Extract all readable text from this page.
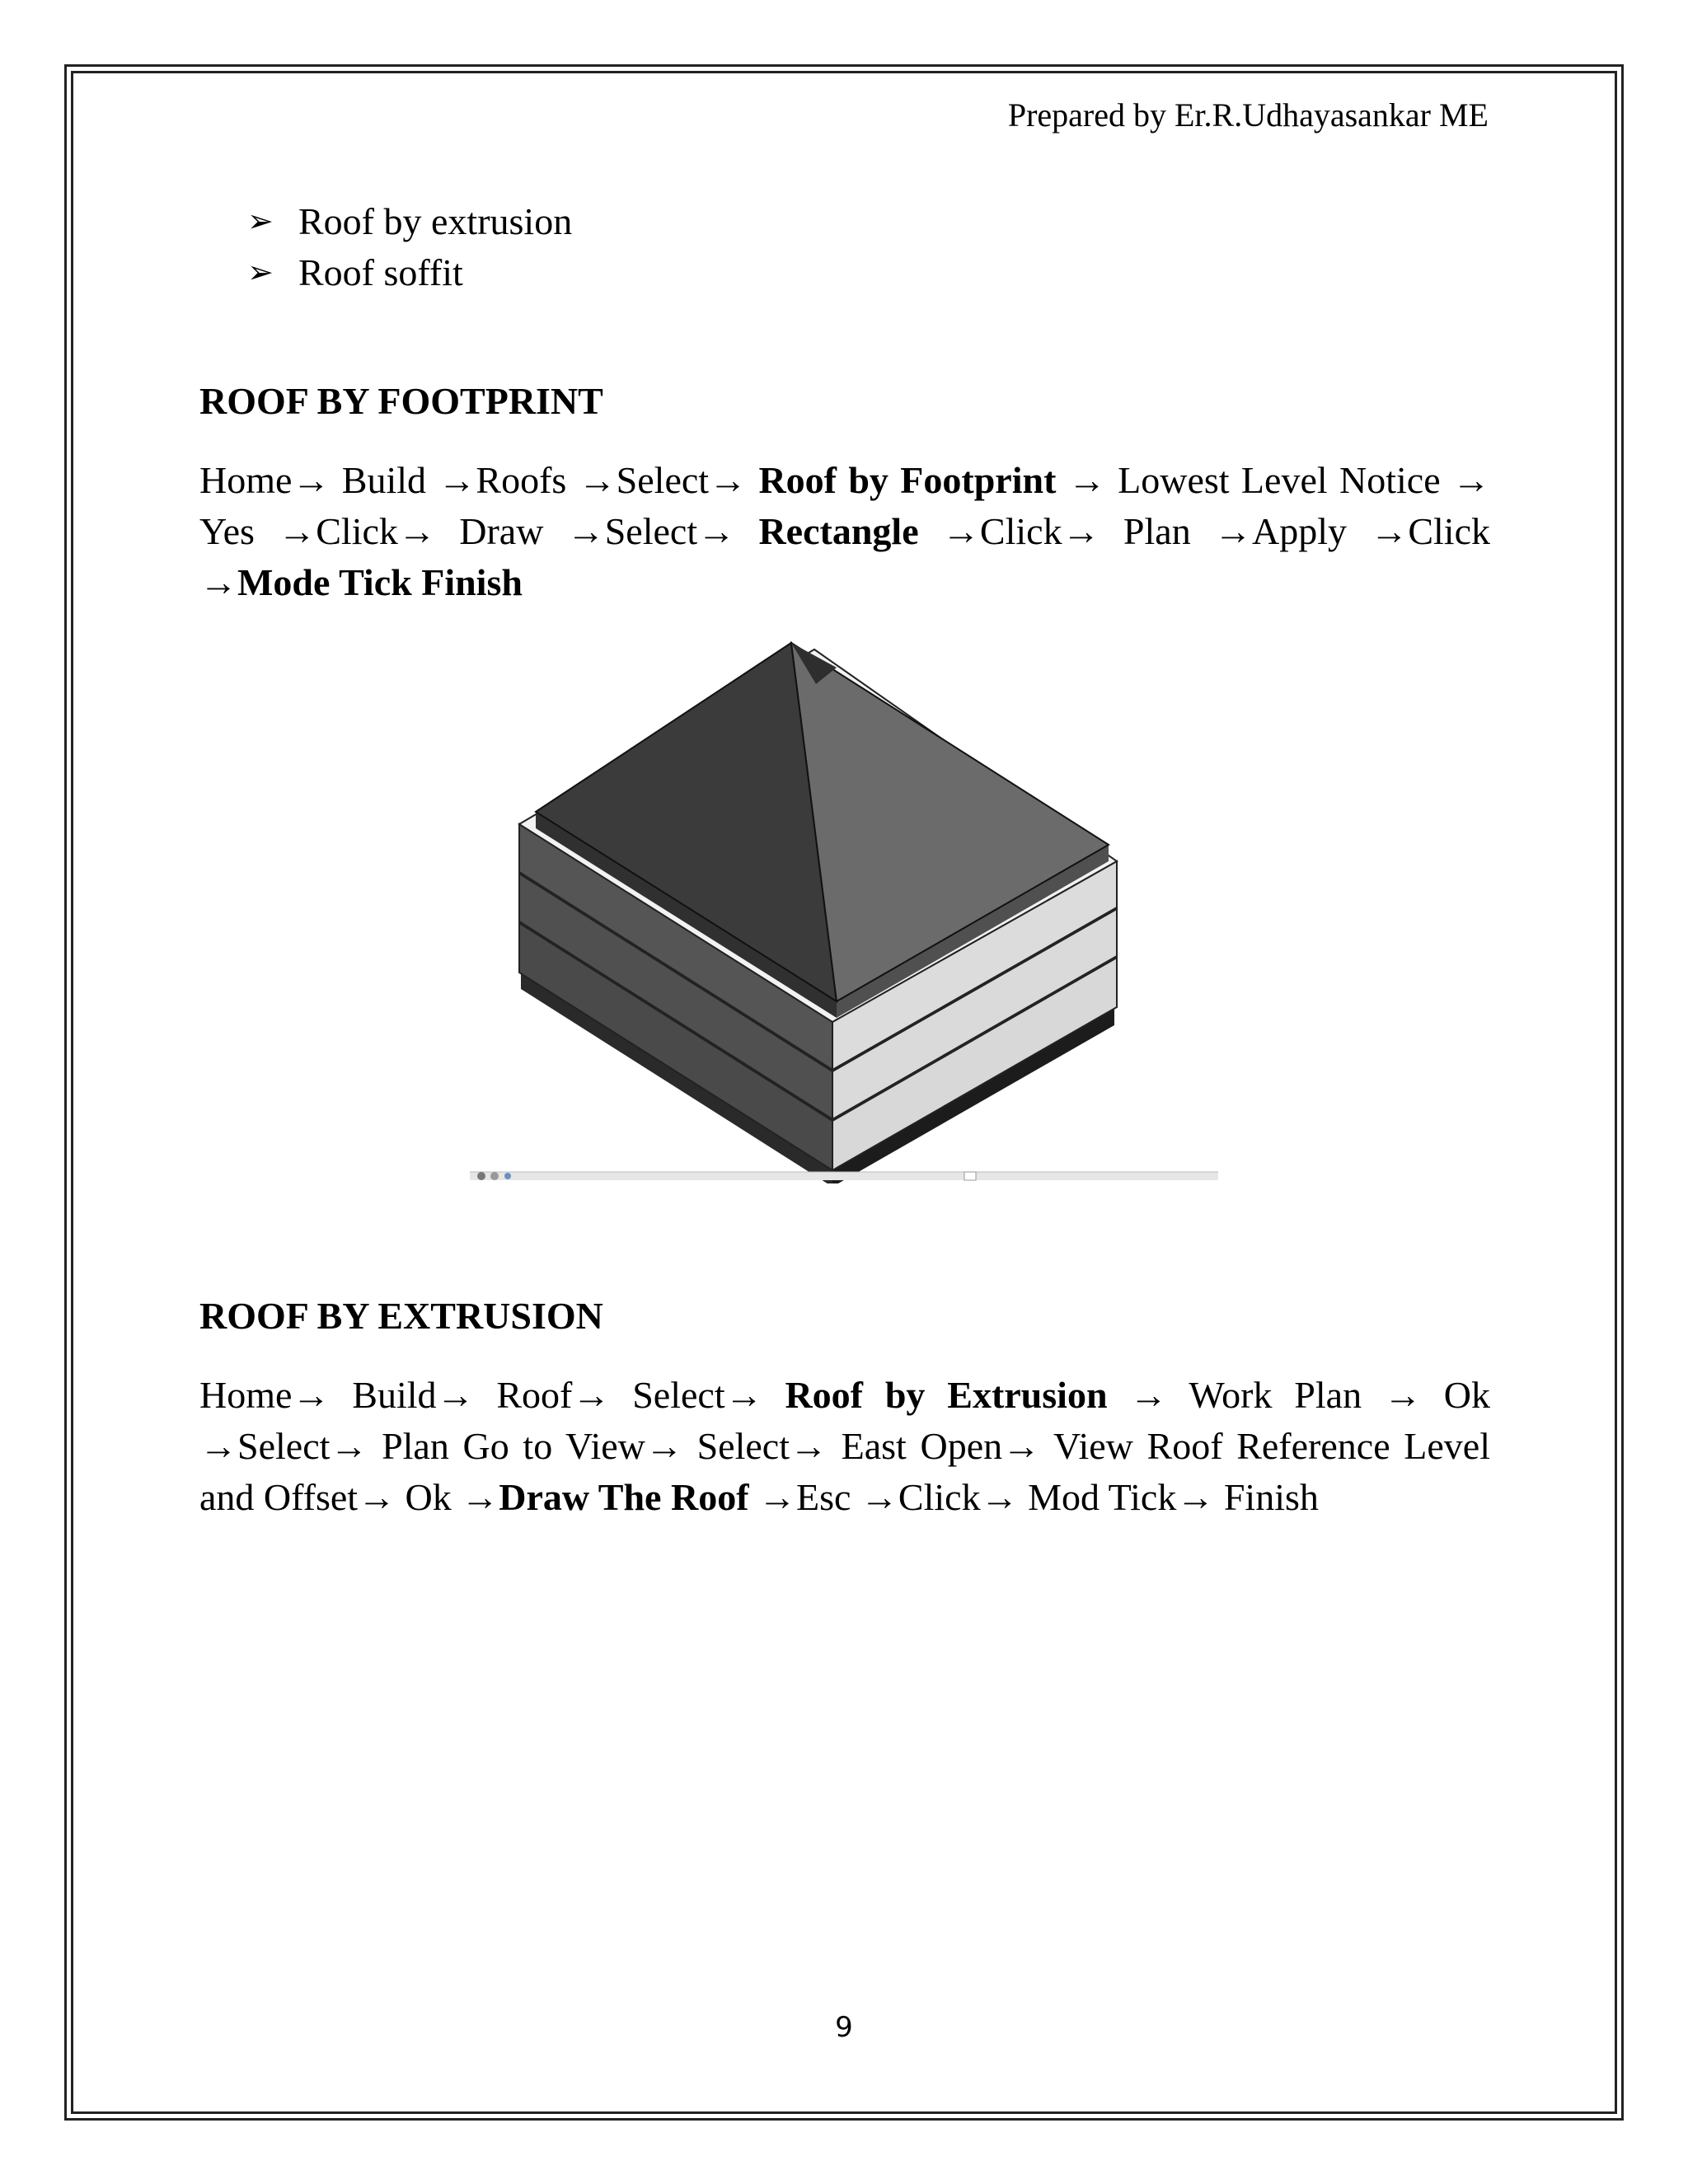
Prepared by Er.R.Udhayasankar ME
➢ Roof by extrusion
➢ Roof soffit
ROOF BY FOOTPRINT

Home→ Build →Roofs →Select→ Roof by Footprint → Lowest Level Notice → Yes →Click→ Draw →Select→ Rectangle →Click→ Plan →Apply →Click →Mode Tick Finish

ROOF BY EXTRUSION

Home→ Build→ Roof→ Select→ Roof by Extrusion → Work Plan → Ok →Select→ Plan Go to View→ Select→ East Open→ View Roof Reference Level and Offset→ Ok →Draw The Roof →Esc →Click→ Mod Tick→ Finish

9
